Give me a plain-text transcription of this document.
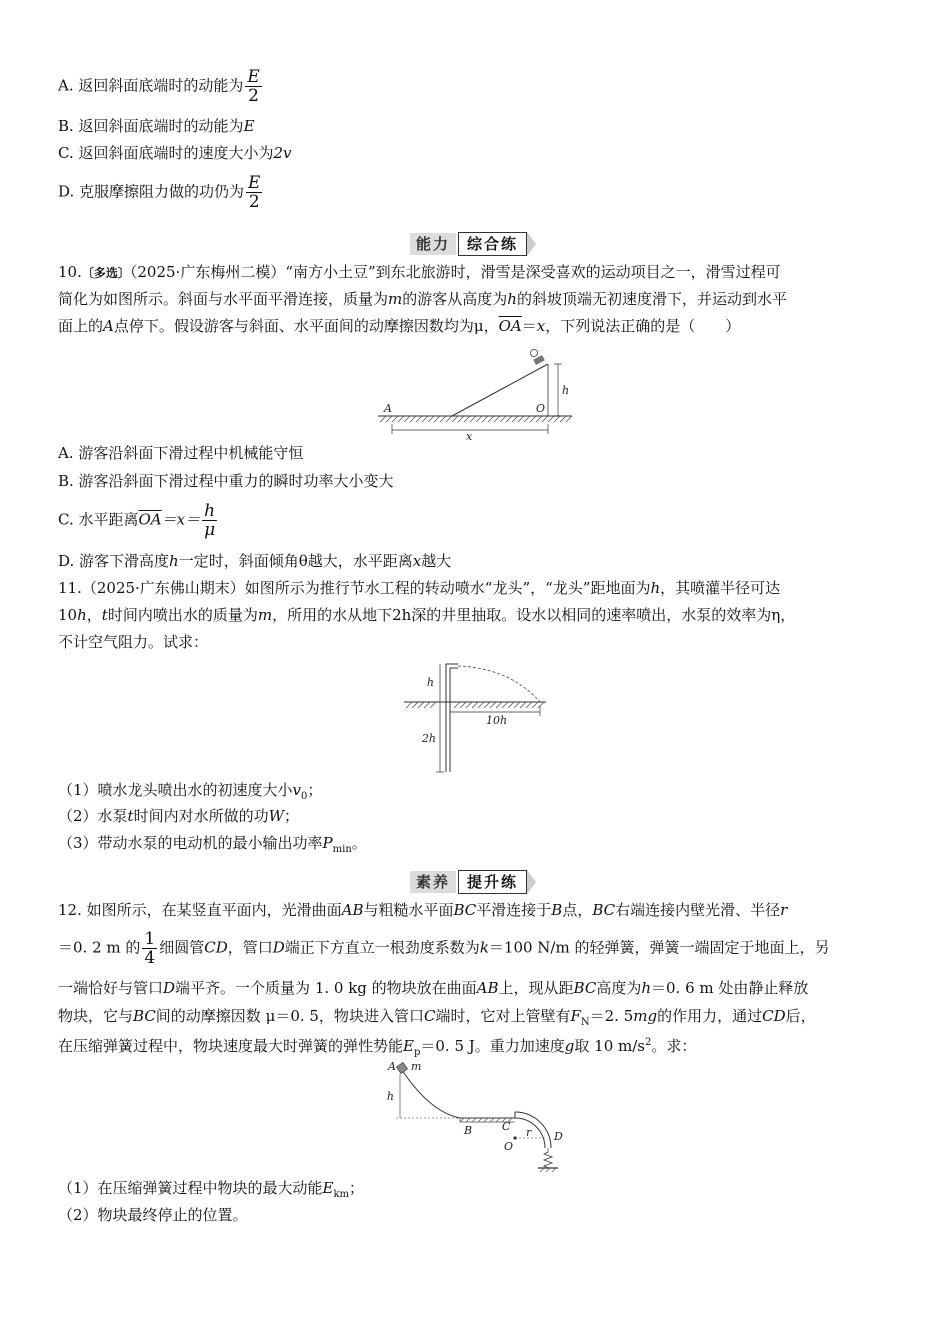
A. 返回斜面底端时的动能为 $\frac{E}{2}$
B. 返回斜面底端时的动能为E
C. 返回斜面底端时的速度大小为2v
D. 克服摩擦阻力做的功仍为 $\frac{E}{2}$
能力	综合练
10.〔多选〕（2025·广东梅州二模）“南方小土豆”到东北旅游时，滑雪是深受喜欢的运动项目之一，滑雪过程可
简化为如图所示。斜面与水平面平滑连接，质量为m的游客从高度为h的斜坡顶端无初速度滑下，并运动到水平
面上的A点停下。假设游客与斜面、水平面间的动摩擦因数均为μ，$\overline{OA}=x$，下列说法正确的是（　　）
A	O
h
x
A. 游客沿斜面下滑过程中机械能守恒
B. 游客沿斜面下滑过程中重力的瞬时功率大小变大
C. 水平距离$\overline{OA}=x= \frac{h}{\mu}$
D. 游客下滑高度h一定时，斜面倾角θ越大，水平距离x越大
11.（2025·广东佛山期末）如图所示为推行节水工程的转动喷水“龙头”，“龙头”距地面为h，其喷灌半径可达
10h，t时间内喷出水的质量为m，所用的水从地下2h深的井里抽取。设水以相同的速率喷出，水泵的效率为η，
不计空气阻力。试求：
h
2h
10h
（1）喷水龙头喷出水的初速度大小$v_0$；
（2）水泵t时间内对水所做的功W；
（3）带动水泵的电动机的最小输出功率$P_{min}$。
素养	提升练
12. 如图所示，在某竖直平面内，光滑曲面AB与粗糙水平面BC平滑连接于B点，BC右端连接内壁光滑、半径r
＝0. 2 m 的 $\frac{1}{4}$ 细圆管CD，管口D端正下方直立一根劲度系数为k＝100 N/m 的轻弹簧，弹簧一端固定于地面上，另
一端恰好与管口D端平齐。一个质量为 1. 0 kg 的物块放在曲面AB上，现从距BC高度为h＝0. 6 m 处由静止释放
物块，它与BC间的动摩擦因数 μ＝0. 5，物块进入管口C端时，它对上管壁有$F_N=2$. 5mg的作用力，通过CD后，
在压缩弹簧过程中，物块速度最大时弹簧的弹性势能$E_p=0$. 5 J。重力加速度g取 10 $m/s^2$。求：
A m
h
B	C r D
O
（1）在压缩弹簧过程中物块的最大动能$E_{km}$；
（2）物块最终停止的位置。
